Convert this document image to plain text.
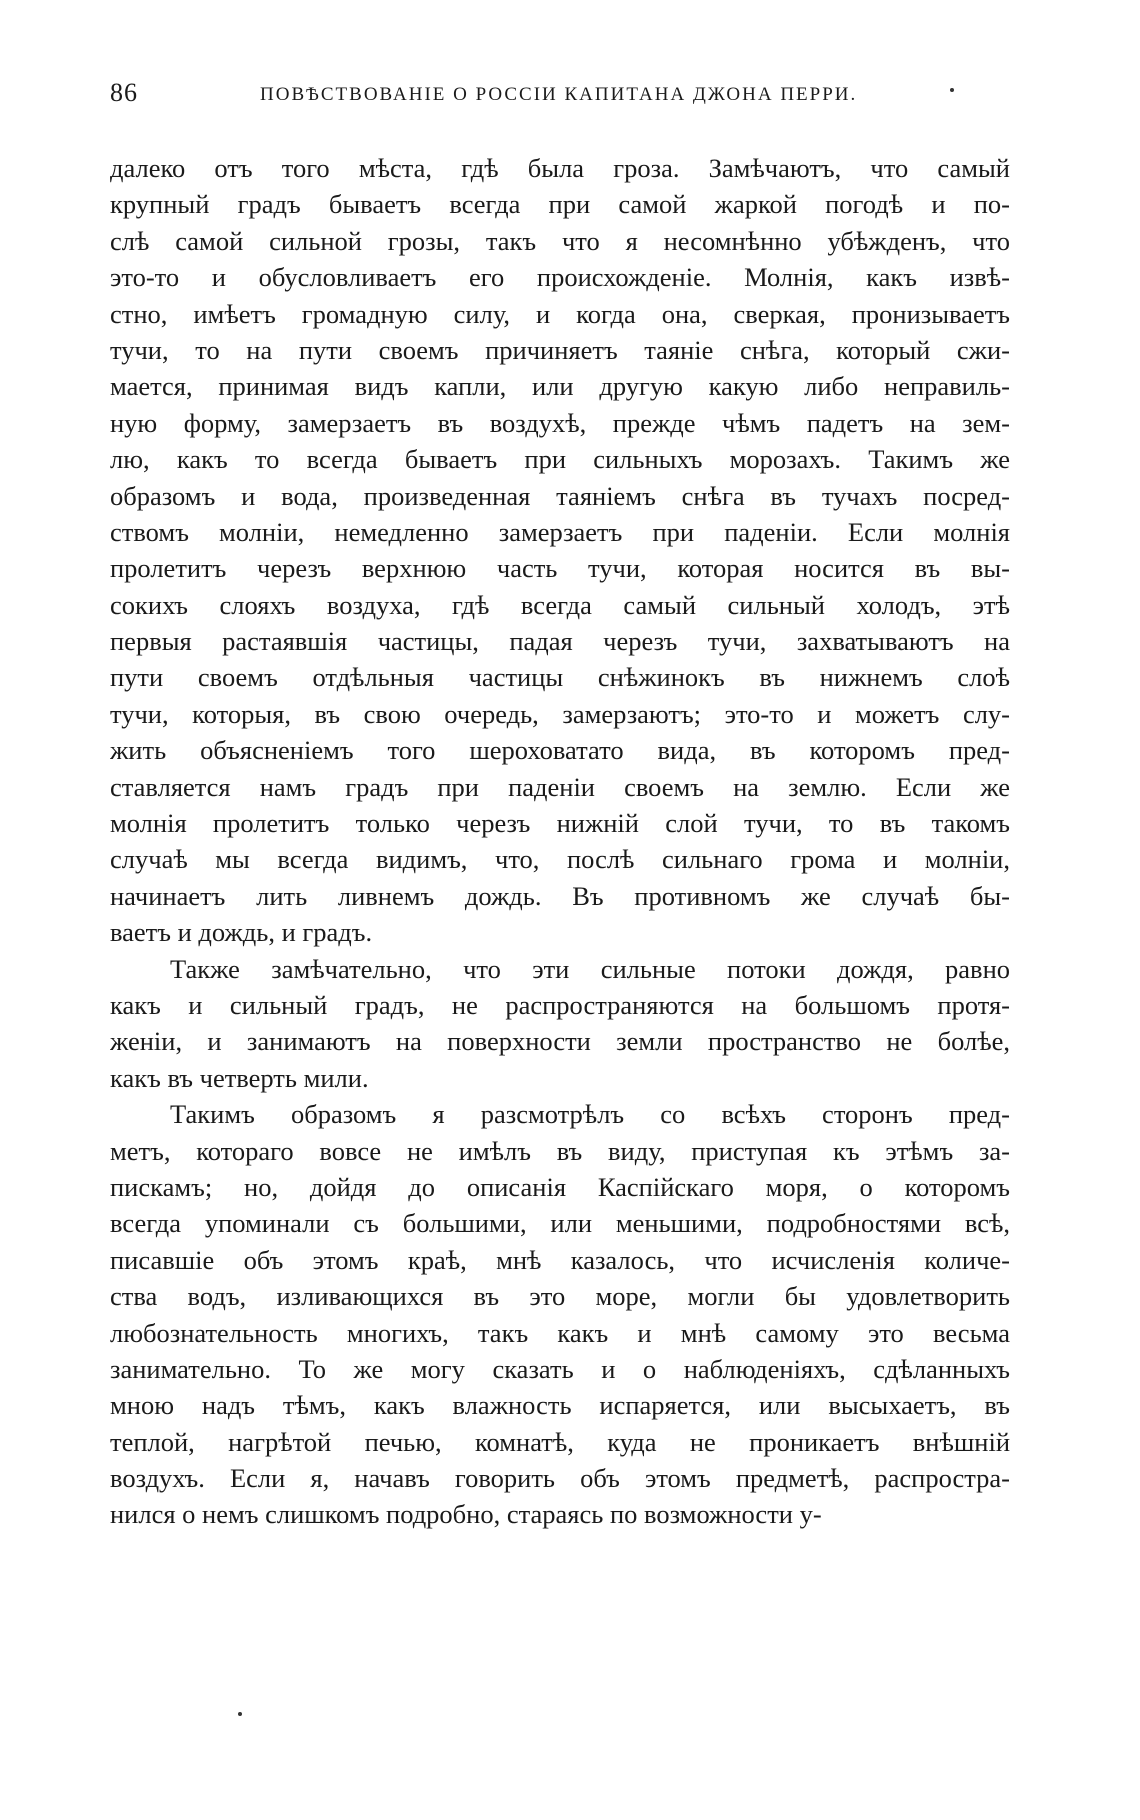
86	ПОВѢСТВОВАНІЕ О РОССІИ КАПИТАНА ДЖОНА ПЕРРИ.
далеко отъ того мѣста, гдѣ была гроза. Замѣчаютъ, что самый
крупный градъ бываетъ всегда при самой жаркой погодѣ и по-
слѣ самой сильной грозы, такъ что я несомнѣнно убѣжденъ, что
это-то и обусловливаетъ его происхожденіе. Молнія, какъ извѣ-
стно, имѣетъ громадную силу, и когда она, сверкая, пронизываетъ
тучи, то на пути своемъ причиняетъ таяніе снѣга, который сжи-
мается, принимая видъ капли, или другую какую либо неправиль-
ную форму, замерзаетъ въ воздухѣ, прежде чѣмъ падетъ на зем-
лю, какъ то всегда бываетъ при сильныхъ морозахъ. Такимъ же
образомъ и вода, произведенная таяніемъ снѣга въ тучахъ посред-
ствомъ молніи, немедленно замерзаетъ при паденіи. Если молнія
пролетитъ черезъ верхнюю часть тучи, которая носится въ вы-
сокихъ слояхъ воздуха, гдѣ всегда самый сильный холодъ, этѣ
первыя растаявшія частицы, падая черезъ тучи, захватываютъ на
пути своемъ отдѣльныя частицы снѣжинокъ въ нижнемъ слоѣ
тучи, которыя, въ свою очередь, замерзаютъ; это-то и можетъ слу-
жить объясненіемъ того шероховатато вида, въ которомъ пред-
ставляется намъ градъ при паденіи своемъ на землю. Если же
молнія пролетитъ только черезъ нижній слой тучи, то въ такомъ
случаѣ мы всегда видимъ, что, послѣ сильнаго грома и молніи,
начинаетъ лить ливнемъ дождь. Въ противномъ же случаѣ бы-
ваетъ и дождь, и градъ.
Также замѣчательно, что эти сильные потоки дождя, равно
какъ и сильный градъ, не распространяются на большомъ протя-
женіи, и занимаютъ на поверхности земли пространство не болѣе,
какъ въ четверть мили.
Такимъ образомъ я разсмотрѣлъ со всѣхъ сторонъ пред-
метъ, котораго вовсе не имѣлъ въ виду, приступая къ этѣмъ за-
пискамъ; но, дойдя до описанія Каспійскаго моря, о которомъ
всегда упоминали съ большими, или меньшими, подробностями всѣ,
писавшіе объ этомъ краѣ, мнѣ казалось, что исчисленія количе-
ства водъ, изливающихся въ это море, могли бы удовлетворить
любознательность многихъ, такъ какъ и мнѣ самому это весьма
занимательно. То же могу сказать и о наблюденіяхъ, сдѣланныхъ
мною надъ тѣмъ, какъ влажность испаряется, или высыхаетъ, въ
теплой, нагрѣтой печью, комнатѣ, куда не проникаетъ внѣшній
воздухъ. Если я, начавъ говорить объ этомъ предметѣ, распростра-
нился о немъ слишкомъ подробно, стараясь по возможности у-
